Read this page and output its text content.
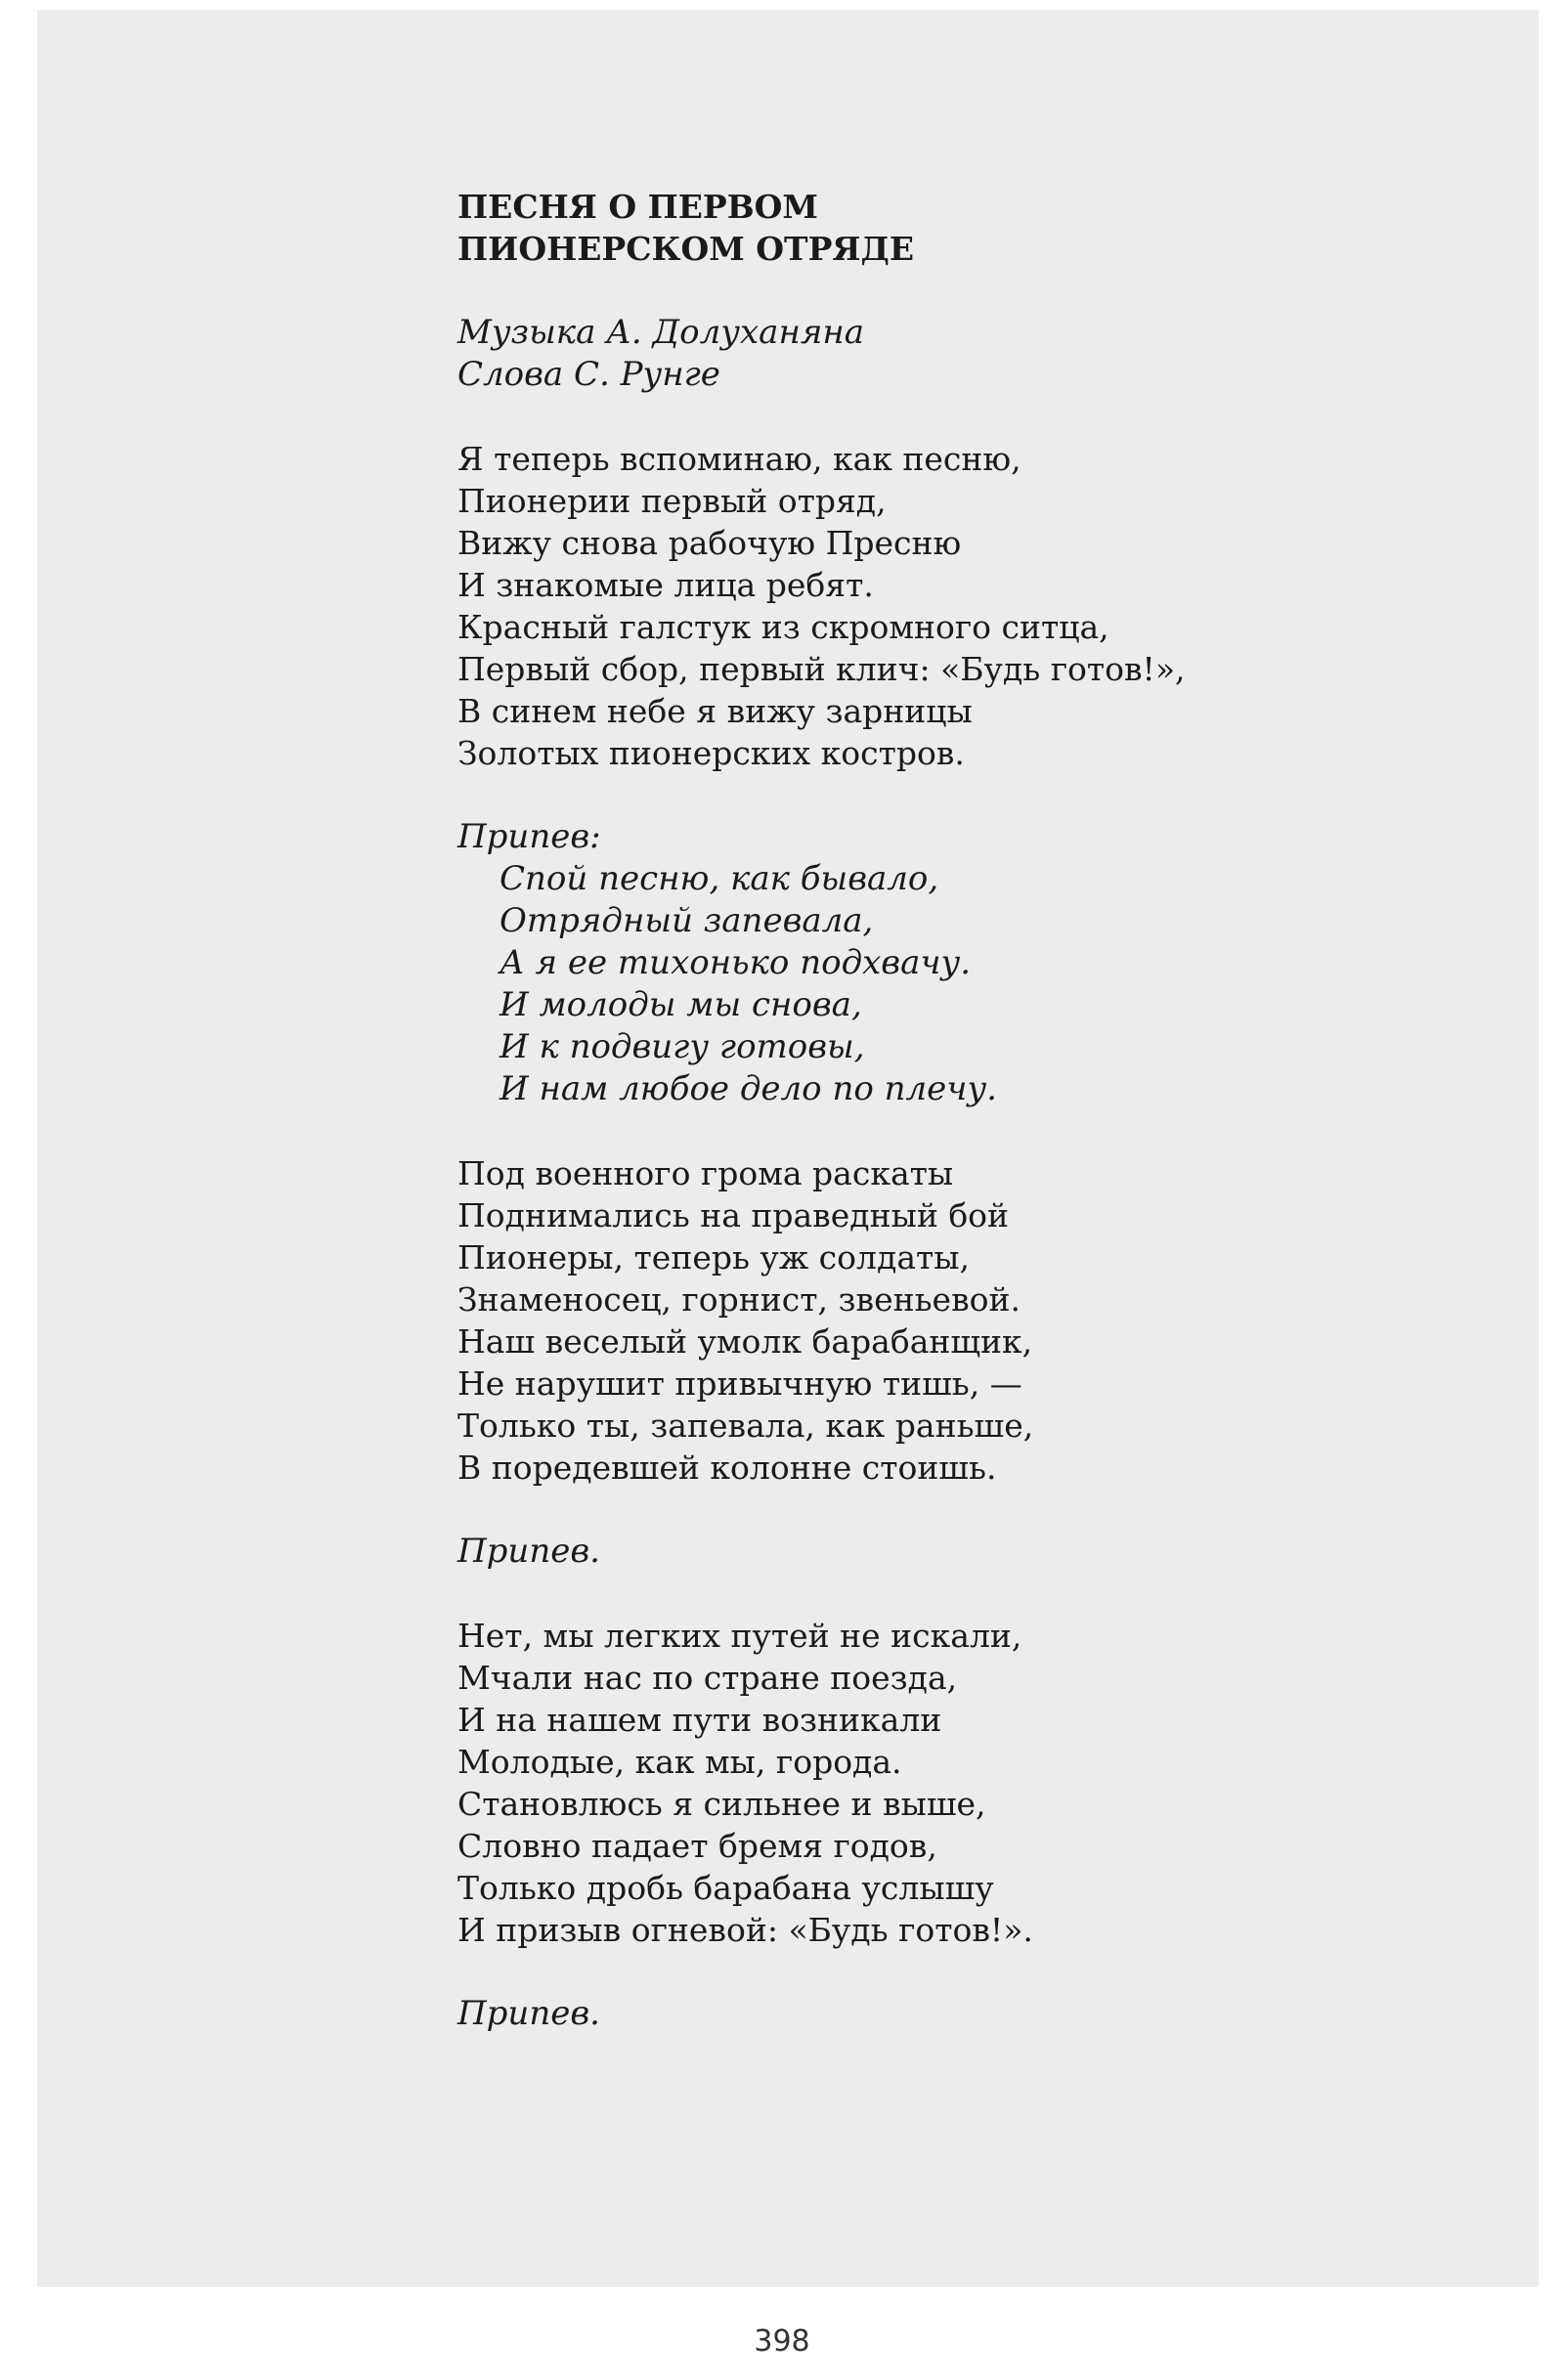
ПЕСНЯ О ПЕРВОМ
ПИОНЕРСКОМ ОТРЯДЕ
Музыка А. Долуханяна
Слова С. Рунге
Я теперь вспоминаю, как песню,
Пионерии первый отряд,
Вижу снова рабочую Пресню
И знакомые лица ребят.
Красный галстук из скромного ситца,
Первый сбор, первый клич: «Будь готов!»,
В синем небе я вижу зарницы
Золотых пионерских костров.
Припев:
Спой песню, как бывало,
Отрядный запевала,
А я ее тихонько подхвачу.
И молоды мы снова,
И к подвигу готовы,
И нам любое дело по плечу.
Под военного грома раскаты
Поднимались на праведный бой
Пионеры, теперь уж солдаты,
Знаменосец, горнист, звеньевой.
Наш веселый умолк барабанщик,
Не нарушит привычную тишь, —
Только ты, запевала, как раньше,
В поредевшей колонне стоишь.
Припев.
Нет, мы легких путей не искали,
Мчали нас по стране поезда,
И на нашем пути возникали
Молодые, как мы, города.
Становлюсь я сильнее и выше,
Словно падает бремя годов,
Только дробь барабана услышу
И призыв огневой: «Будь готов!».
Припев.
398
